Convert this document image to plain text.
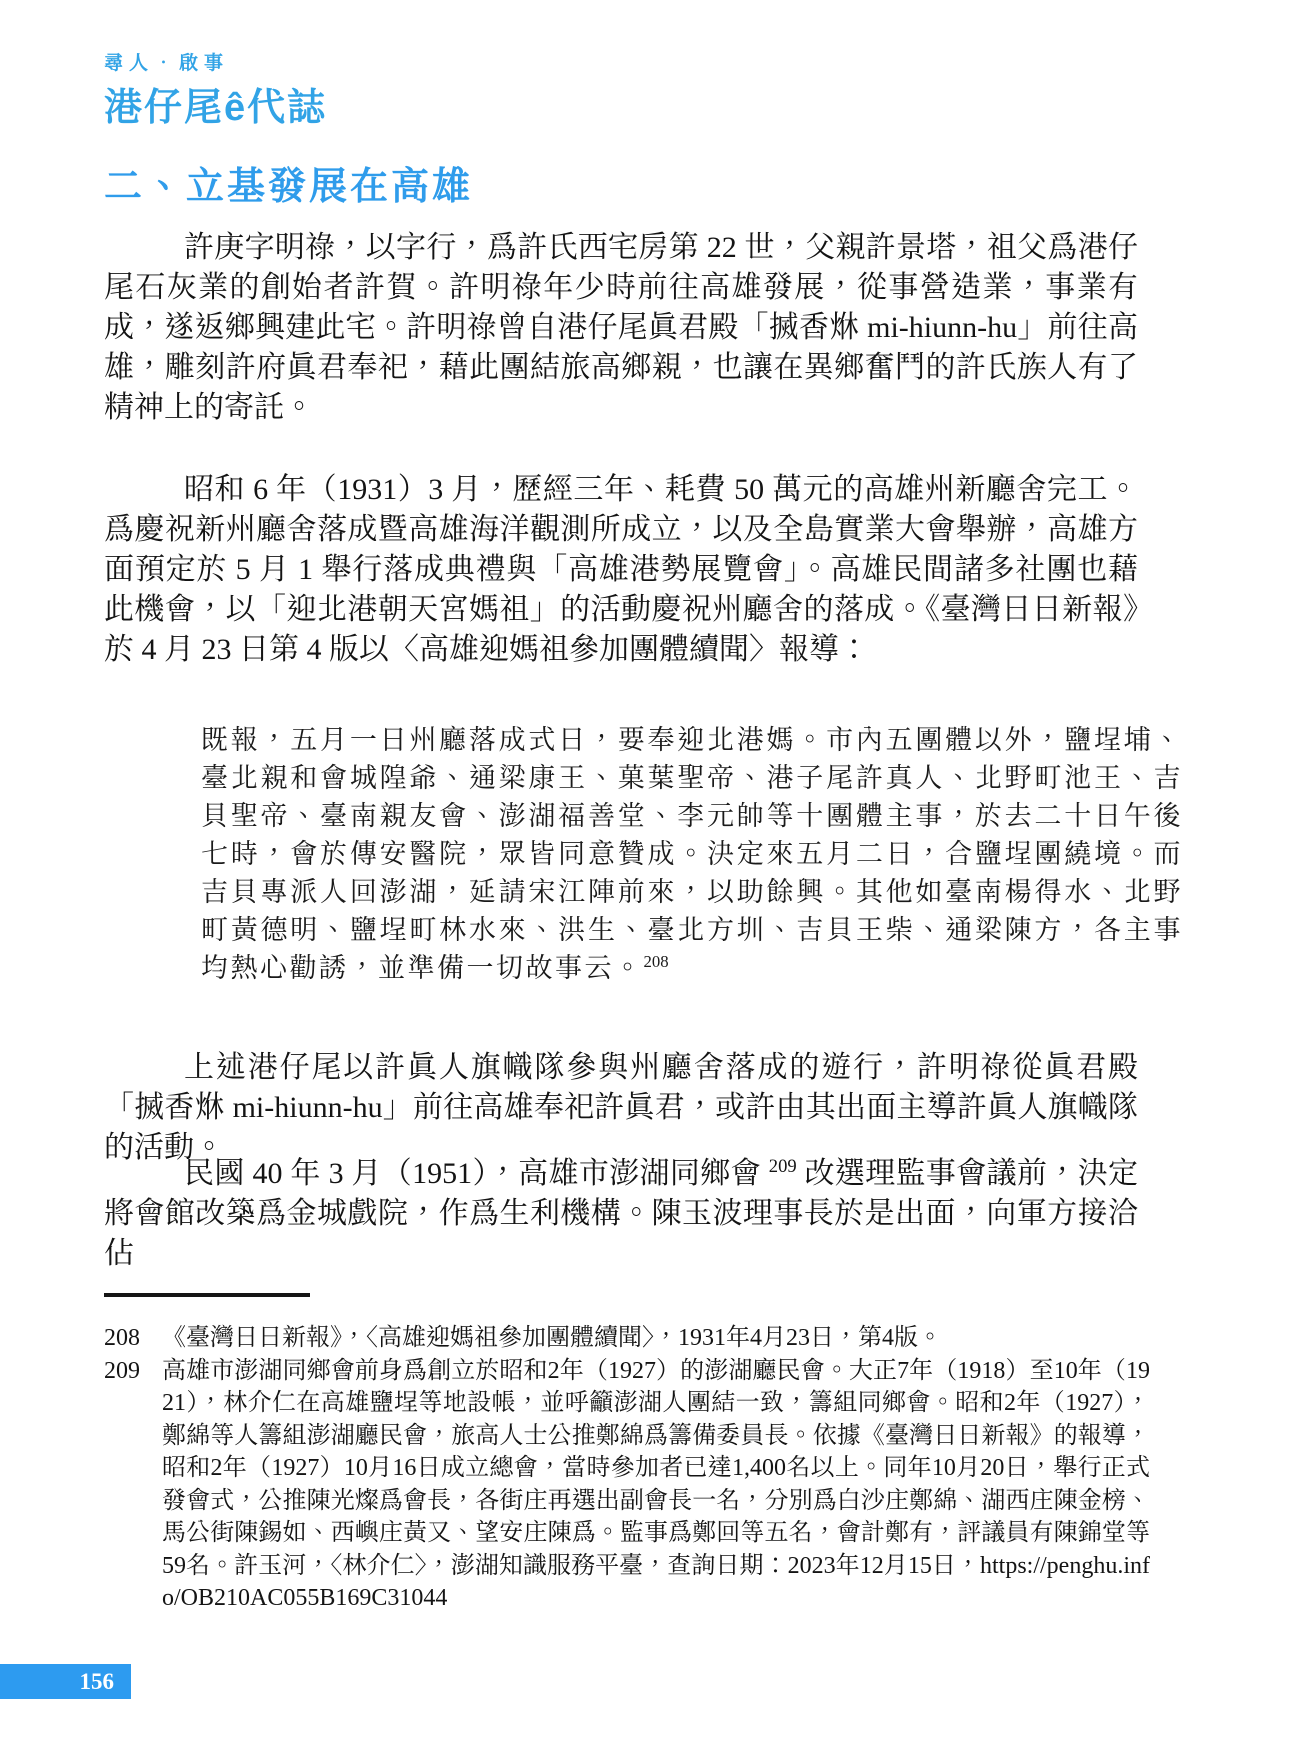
尋人．啟事
港仔尾ê代誌
二、立基發展在高雄

許庚字明祿，以字行，爲許氏西宅房第 22 世，父親許景塔，祖父爲港仔尾石灰業的創始者許賀。許明祿年少時前往高雄發展，從事營造業，事業有成，遂返鄉興建此宅。許明祿曾自港仔尾眞君殿「搣香烌 mi-hiunn-hu」前往高雄，雕刻許府眞君奉祀，藉此團結旅高鄉親，也讓在異鄉奮鬥的許氏族人有了精神上的寄託。

昭和 6 年（1931）3 月，歷經三年、耗費 50 萬元的高雄州新廳舍完工。爲慶祝新州廳舍落成暨高雄海洋觀測所成立，以及全島實業大會舉辦，高雄方面預定於 5 月 1 舉行落成典禮與「高雄港勢展覽會」。高雄民間諸多社團也藉此機會，以「迎北港朝天宮媽祖」的活動慶祝州廳舍的落成。《臺灣日日新報》於 4 月 23 日第 4 版以〈高雄迎媽祖參加團體續聞〉報導：

既報，五月一日州廳落成式日，要奉迎北港媽。市內五團體以外，鹽埕埔、臺北親和會城隍爺、通梁康王、菓葉聖帝、港子尾許真人、北野町池王、吉貝聖帝、臺南親友會、澎湖福善堂、李元帥等十團體主事，於去二十日午後七時，會於傳安醫院，眾皆同意贊成。決定來五月二日，合鹽埕團繞境。而吉貝專派人回澎湖，延請宋江陣前來，以助餘興。其他如臺南楊得水、北野町黃德明、鹽埕町林水來、洪生、臺北方圳、吉貝王柴、通梁陳方，各主事均熱心勸誘，並準備一切故事云。$^{208}$

上述港仔尾以許眞人旗幟隊參與州廳舍落成的遊行，許明祿從眞君殿「搣香烌 mi-hiunn-hu」前往高雄奉祀許眞君，或許由其出面主導許眞人旗幟隊的活動。

民國 40 年 3 月（1951），高雄市澎湖同鄉會 $^{209}$ 改選理監事會議前，決定將會館改築爲金城戲院，作爲生利機構。陳玉波理事長於是出面，向軍方接洽佔

208 《臺灣日日新報》，〈高雄迎媽祖參加團體續聞〉，1931年4月23日，第4版。
209 高雄市澎湖同鄉會前身爲創立於昭和2年（1927）的澎湖廳民會。大正7年（1918）至10年（1921），林介仁在高雄鹽埕等地設帳，並呼籲澎湖人團結一致，籌組同鄉會。昭和2年（1927），鄭綿等人籌組澎湖廳民會，旅高人士公推鄭綿爲籌備委員長。依據《臺灣日日新報》的報導，昭和2年（1927）10月16日成立總會，當時參加者已達1,400名以上。同年10月20日，舉行正式發會式，公推陳光燦爲會長，各街庄再選出副會長一名，分別爲白沙庄鄭綿、湖西庄陳金榜、馬公街陳錫如、西嶼庄黃又、望安庄陳爲。監事爲鄭回等五名，會計鄭有，評議員有陳錦堂等59名。許玉河，〈林介仁〉，澎湖知識服務平臺，查詢日期：2023年12月15日，https://penghu.info/OB210AC055B169C31044
156
